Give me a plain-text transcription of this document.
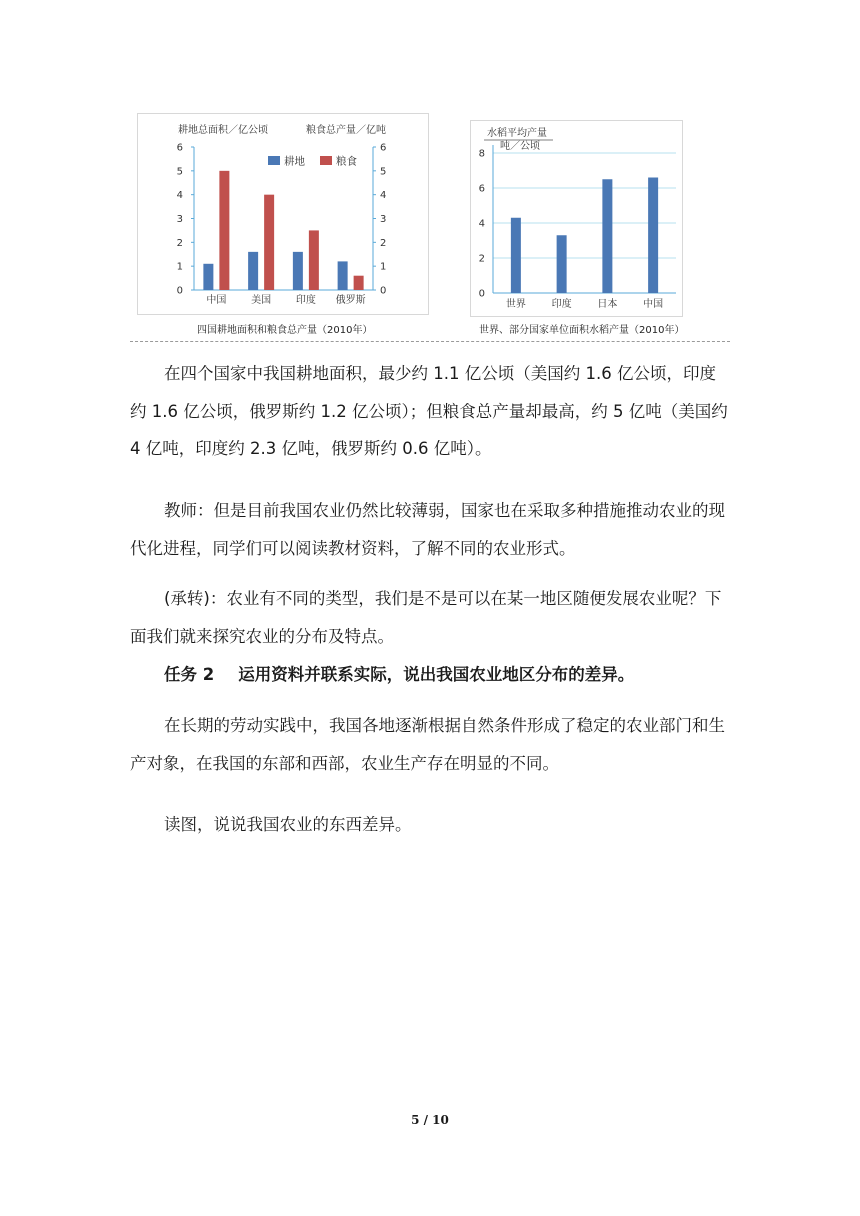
耕地总面积／亿公顷	粮食总产量／亿吨
0	0
1	1
2	2
3	3
4	4
5	5
6	6
中国 美国 印度 俄罗斯
耕地	粮食
四国耕地面积和粮食总产量（2010年）
水稻平均产量
吨／公顷
0
2
4
6
8
世界	印度	日本	中国
世界、部分国家单位面积水稻产量（2010年）

在四个国家中我国耕地面积，最少约 1.1 亿公顷（美国约 1.6 亿公顷，印度约 1.6 亿公顷，俄罗斯约 1.2 亿公顷）；但粮食总产量却最高，约 5 亿吨（美国约 4 亿吨，印度约 2.3 亿吨，俄罗斯约 0.6 亿吨）。

教师：但是目前我国农业仍然比较薄弱，国家也在采取多种措施推动农业的现代化进程，同学们可以阅读教材资料，了解不同的农业形式。

(承转)：农业有不同的类型，我们是不是可以在某一地区随便发展农业呢？下面我们就来探究农业的分布及特点。

任务 2 运用资料并联系实际，说出我国农业地区分布的差异。

在长期的劳动实践中，我国各地逐渐根据自然条件形成了稳定的农业部门和生产对象，在我国的东部和西部，农业生产存在明显的不同。

读图，说说我国农业的东西差异。

5 / 10
